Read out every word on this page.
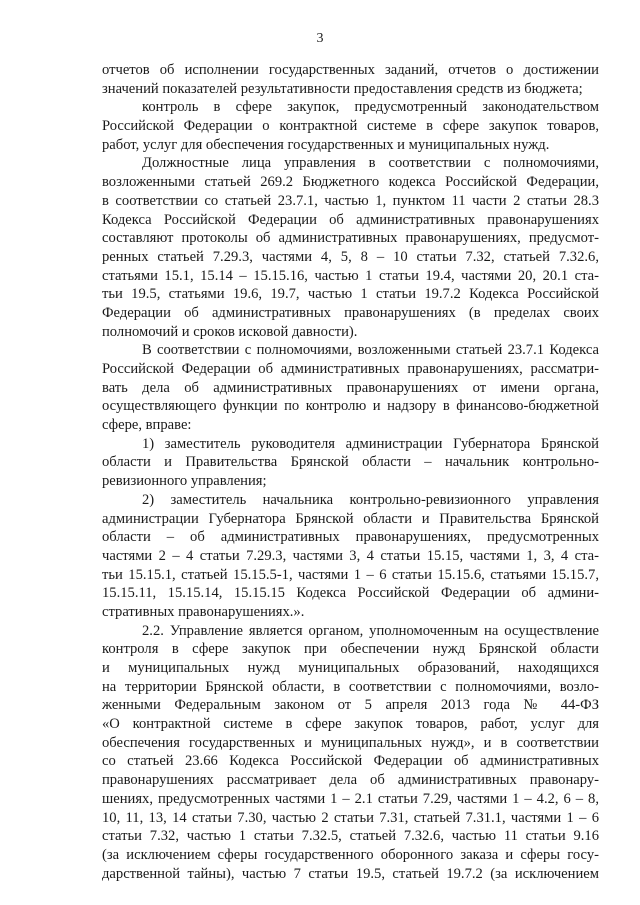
3
отчетов об исполнении государственных заданий, отчетов о достижении
значений показателей результативности предоставления средств из бюджета;
контроль в сфере закупок, предусмотренный законодательством
Российской Федерации о контрактной системе в сфере закупок товаров,
работ, услуг для обеспечения государственных и муниципальных нужд.
Должностные лица управления в соответствии с полномочиями,
возложенными статьей 269.2 Бюджетного кодекса Российской Федерации,
в соответствии со статьей 23.7.1, частью 1, пунктом 11 части 2 статьи 28.3
Кодекса Российской Федерации об административных правонарушениях
составляют протоколы об административных правонарушениях, предусмот-
ренных статьей 7.29.3, частями 4, 5, 8 – 10 статьи 7.32, статьей 7.32.6,
статьями 15.1, 15.14 – 15.15.16, частью 1 статьи 19.4, частями 20, 20.1 ста-
тьи 19.5, статьями 19.6, 19.7, частью 1 статьи 19.7.2 Кодекса Российской
Федерации об административных правонарушениях (в пределах своих
полномочий и сроков исковой давности).
В соответствии с полномочиями, возложенными статьей 23.7.1 Кодекса
Российской Федерации об административных правонарушениях, рассматри-
вать дела об административных правонарушениях от имени органа,
осуществляющего функции по контролю и надзору в финансово-бюджетной
сфере, вправе:
1) заместитель руководителя администрации Губернатора Брянской
области и Правительства Брянской области – начальник контрольно-
ревизионного управления;
2) заместитель начальника контрольно-ревизионного управления
администрации Губернатора Брянской области и Правительства Брянской
области – об административных правонарушениях, предусмотренных
частями 2 – 4 статьи 7.29.3, частями 3, 4 статьи 15.15, частями 1, 3, 4 ста-
тьи 15.15.1, статьей 15.15.5-1, частями 1 – 6 статьи 15.15.6, статьями 15.15.7,
15.15.11, 15.15.14, 15.15.15 Кодекса Российской Федерации об админи-
стративных правонарушениях.».
2.2. Управление является органом, уполномоченным на осуществление
контроля в сфере закупок при обеспечении нужд Брянской области
и муниципальных нужд муниципальных образований, находящихся
на территории Брянской области, в соответствии с полномочиями, возло-
женными Федеральным законом от 5 апреля 2013 года № 44-ФЗ
«О контрактной системе в сфере закупок товаров, работ, услуг для
обеспечения государственных и муниципальных нужд», и в соответствии
со статьей 23.66 Кодекса Российской Федерации об административных
правонарушениях рассматривает дела об административных правонару-
шениях, предусмотренных частями 1 – 2.1 статьи 7.29, частями 1 – 4.2, 6 – 8,
10, 11, 13, 14 статьи 7.30, частью 2 статьи 7.31, статьей 7.31.1, частями 1 – 6
статьи 7.32, частью 1 статьи 7.32.5, статьей 7.32.6, частью 11 статьи 9.16
(за исключением сферы государственного оборонного заказа и сферы госу-
дарственной тайны), частью 7 статьи 19.5, статьей 19.7.2 (за исключением
